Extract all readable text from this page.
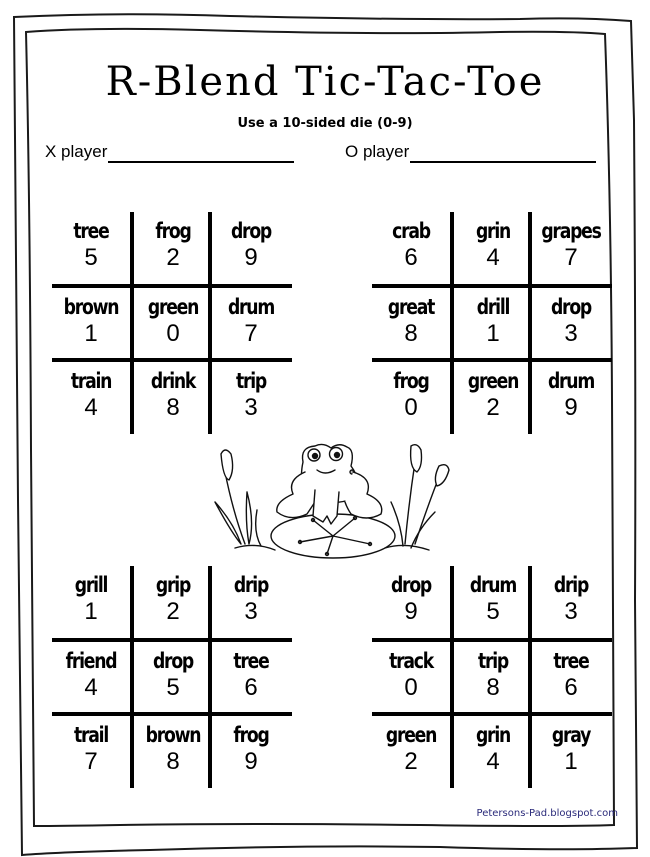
R-Blend Tic-Tac-Toe
Use a 10-sided die (0-9)
X player	O player
tree
5
frog
2
drop
9
brown
1
green
0
drum
7
train
4
drink
8
trip
3
crab
6
grin
4
grapes
7
great
8
drill
1
drop
3
frog
0
green
2
drum
9
grill
1
grip
2
drip
3
friend
4
drop
5
tree
6
trail
7
brown
8
frog
9
drop
9
drum
5
drip
3
track
0
trip
8
tree
6
green
2
grin
4
gray
1
Petersons-Pad.blogspot.com
